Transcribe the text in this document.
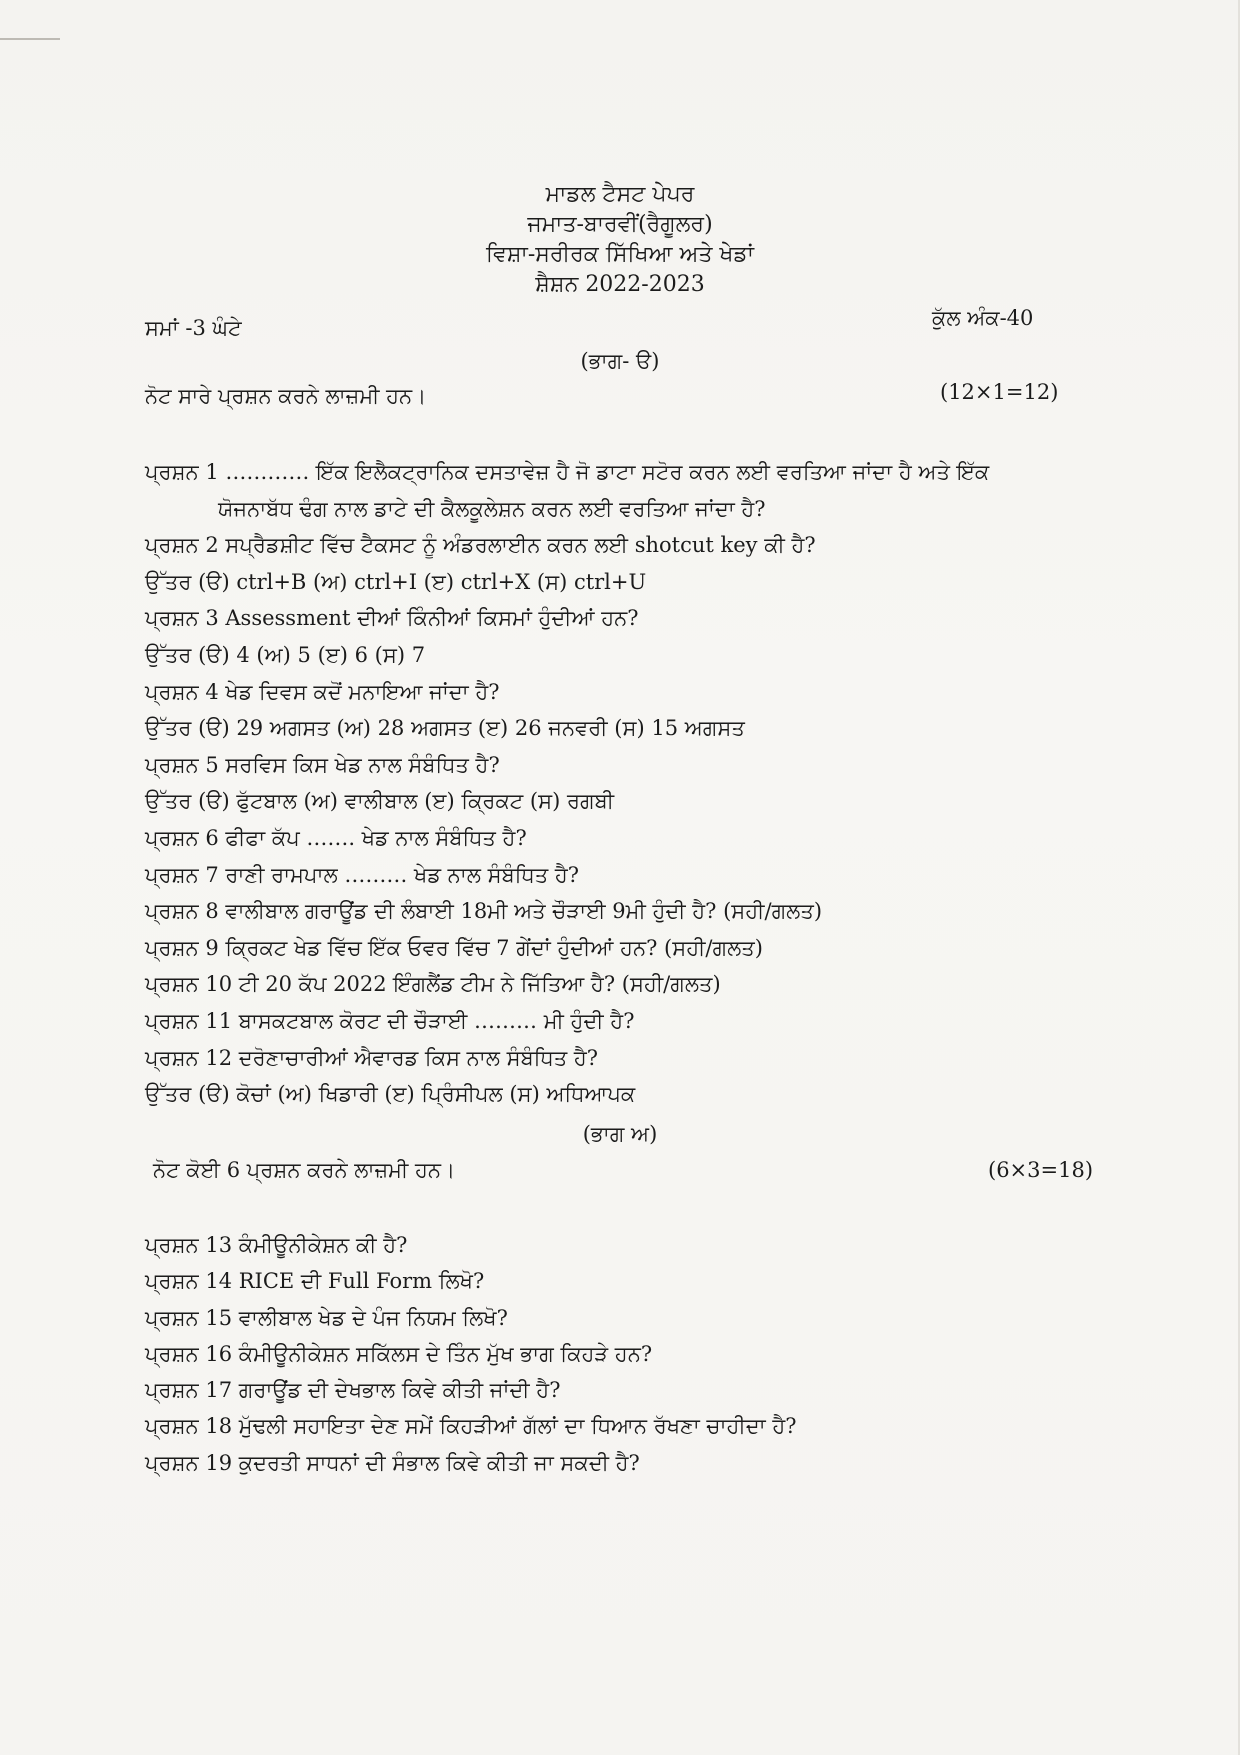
ਮਾਡਲ ਟੈਸਟ ਪੇਪਰ
ਜਮਾਤ-ਬਾਰਵੀਂ(ਰੈਗੂਲਰ)
ਵਿਸ਼ਾ-ਸਰੀਰਕ ਸਿੱਖਿਆ ਅਤੇ ਖੇਡਾਂ
ਸ਼ੈਸ਼ਨ 2022-2023
ਸਮਾਂ -3 ਘੰਟੇ	ਕੁੱਲ ਅੰਕ-40
(ਭਾਗ- ੳ)
ਨੋਟ ਸਾਰੇ ਪ੍ਰਸ਼ਨ ਕਰਨੇ ਲਾਜ਼ਮੀ ਹਨ।	(12×1=12)
ਪ੍ਰਸ਼ਨ 1 ………… ਇੱਕ ਇਲੈਕਟ੍ਰਾਨਿਕ ਦਸਤਾਵੇਜ਼ ਹੈ ਜੋ ਡਾਟਾ ਸਟੋਰ ਕਰਨ ਲਈ ਵਰਤਿਆ ਜਾਂਦਾ ਹੈ ਅਤੇ ਇੱਕ
ਯੋਜਨਾਬੱਧ ਢੰਗ ਨਾਲ ਡਾਟੇ ਦੀ ਕੈਲਕੂਲੇਸ਼ਨ ਕਰਨ ਲਈ ਵਰਤਿਆ ਜਾਂਦਾ ਹੈ?
ਪ੍ਰਸ਼ਨ 2 ਸਪ੍ਰੈਡਸ਼ੀਟ ਵਿੱਚ ਟੈਕਸਟ ਨੂੰ ਅੰਡਰਲਾਈਨ ਕਰਨ ਲਈ shotcut key ਕੀ ਹੈ?
ਉੱਤਰ (ੳ) ctrl+B (ਅ) ctrl+I (ੲ) ctrl+X (ਸ) ctrl+U
ਪ੍ਰਸ਼ਨ 3 Assessment ਦੀਆਂ ਕਿੰਨੀਆਂ ਕਿਸਮਾਂ ਹੁੰਦੀਆਂ ਹਨ?
ਉੱਤਰ (ੳ) 4 (ਅ) 5 (ੲ) 6 (ਸ) 7
ਪ੍ਰਸ਼ਨ 4 ਖੇਡ ਦਿਵਸ ਕਦੋਂ ਮਨਾਇਆ ਜਾਂਦਾ ਹੈ?
ਉੱਤਰ (ੳ) 29 ਅਗਸਤ (ਅ) 28 ਅਗਸਤ (ੲ) 26 ਜਨਵਰੀ (ਸ) 15 ਅਗਸਤ
ਪ੍ਰਸ਼ਨ 5 ਸਰਵਿਸ ਕਿਸ ਖੇਡ ਨਾਲ ਸੰਬੰਧਿਤ ਹੈ?
ਉੱਤਰ (ੳ) ਫੁੱਟਬਾਲ (ਅ) ਵਾਲੀਬਾਲ (ੲ) ਕ੍ਰਿਕਟ (ਸ) ਰਗਬੀ
ਪ੍ਰਸ਼ਨ 6 ਫੀਫਾ ਕੱਪ ……. ਖੇਡ ਨਾਲ ਸੰਬੰਧਿਤ ਹੈ?
ਪ੍ਰਸ਼ਨ 7 ਰਾਣੀ ਰਾਮਪਾਲ ……… ਖੇਡ ਨਾਲ ਸੰਬੰਧਿਤ ਹੈ?
ਪ੍ਰਸ਼ਨ 8 ਵਾਲੀਬਾਲ ਗਰਾਊਂਡ ਦੀ ਲੰਬਾਈ 18ਮੀ ਅਤੇ ਚੌੜਾਈ 9ਮੀ ਹੁੰਦੀ ਹੈ? (ਸਹੀ/ਗਲਤ)
ਪ੍ਰਸ਼ਨ 9 ਕ੍ਰਿਕਟ ਖੇਡ ਵਿੱਚ ਇੱਕ ਓਵਰ ਵਿੱਚ 7 ਗੇਂਦਾਂ ਹੁੰਦੀਆਂ ਹਨ? (ਸਹੀ/ਗਲਤ)
ਪ੍ਰਸ਼ਨ 10 ਟੀ 20 ਕੱਪ 2022 ਇੰਗਲੈਂਡ ਟੀਮ ਨੇ ਜਿੱਤਿਆ ਹੈ? (ਸਹੀ/ਗਲਤ)
ਪ੍ਰਸ਼ਨ 11 ਬਾਸਕਟਬਾਲ ਕੋਰਟ ਦੀ ਚੌੜਾਈ ……… ਮੀ ਹੁੰਦੀ ਹੈ?
ਪ੍ਰਸ਼ਨ 12 ਦਰੋਣਾਚਾਰੀਆਂ ਐਵਾਰਡ ਕਿਸ ਨਾਲ ਸੰਬੰਧਿਤ ਹੈ?
ਉੱਤਰ (ੳ) ਕੋਚਾਂ (ਅ) ਖਿਡਾਰੀ (ੲ) ਪ੍ਰਿੰਸੀਪਲ (ਸ) ਅਧਿਆਪਕ
(ਭਾਗ ਅ)
ਨੋਟ ਕੋਈ 6 ਪ੍ਰਸ਼ਨ ਕਰਨੇ ਲਾਜ਼ਮੀ ਹਨ।	(6×3=18)
ਪ੍ਰਸ਼ਨ 13 ਕੰਮੀਊਨੀਕੇਸ਼ਨ ਕੀ ਹੈ?
ਪ੍ਰਸ਼ਨ 14 RICE ਦੀ Full Form ਲਿਖੋ?
ਪ੍ਰਸ਼ਨ 15 ਵਾਲੀਬਾਲ ਖੇਡ ਦੇ ਪੰਜ ਨਿਯਮ ਲਿਖੋ?
ਪ੍ਰਸ਼ਨ 16 ਕੰਮੀਊਨੀਕੇਸ਼ਨ ਸਕਿੱਲਸ ਦੇ ਤਿੰਨ ਮੁੱਖ ਭਾਗ ਕਿਹੜੇ ਹਨ?
ਪ੍ਰਸ਼ਨ 17 ਗਰਾਊਂਡ ਦੀ ਦੇਖਭਾਲ ਕਿਵੇ ਕੀਤੀ ਜਾਂਦੀ ਹੈ?
ਪ੍ਰਸ਼ਨ 18 ਮੁੱਢਲੀ ਸਹਾਇਤਾ ਦੇਣ ਸਮੇਂ ਕਿਹੜੀਆਂ ਗੱਲਾਂ ਦਾ ਧਿਆਨ ਰੱਖਣਾ ਚਾਹੀਦਾ ਹੈ?
ਪ੍ਰਸ਼ਨ 19 ਕੁਦਰਤੀ ਸਾਧਨਾਂ ਦੀ ਸੰਭਾਲ ਕਿਵੇ ਕੀਤੀ ਜਾ ਸਕਦੀ ਹੈ?
